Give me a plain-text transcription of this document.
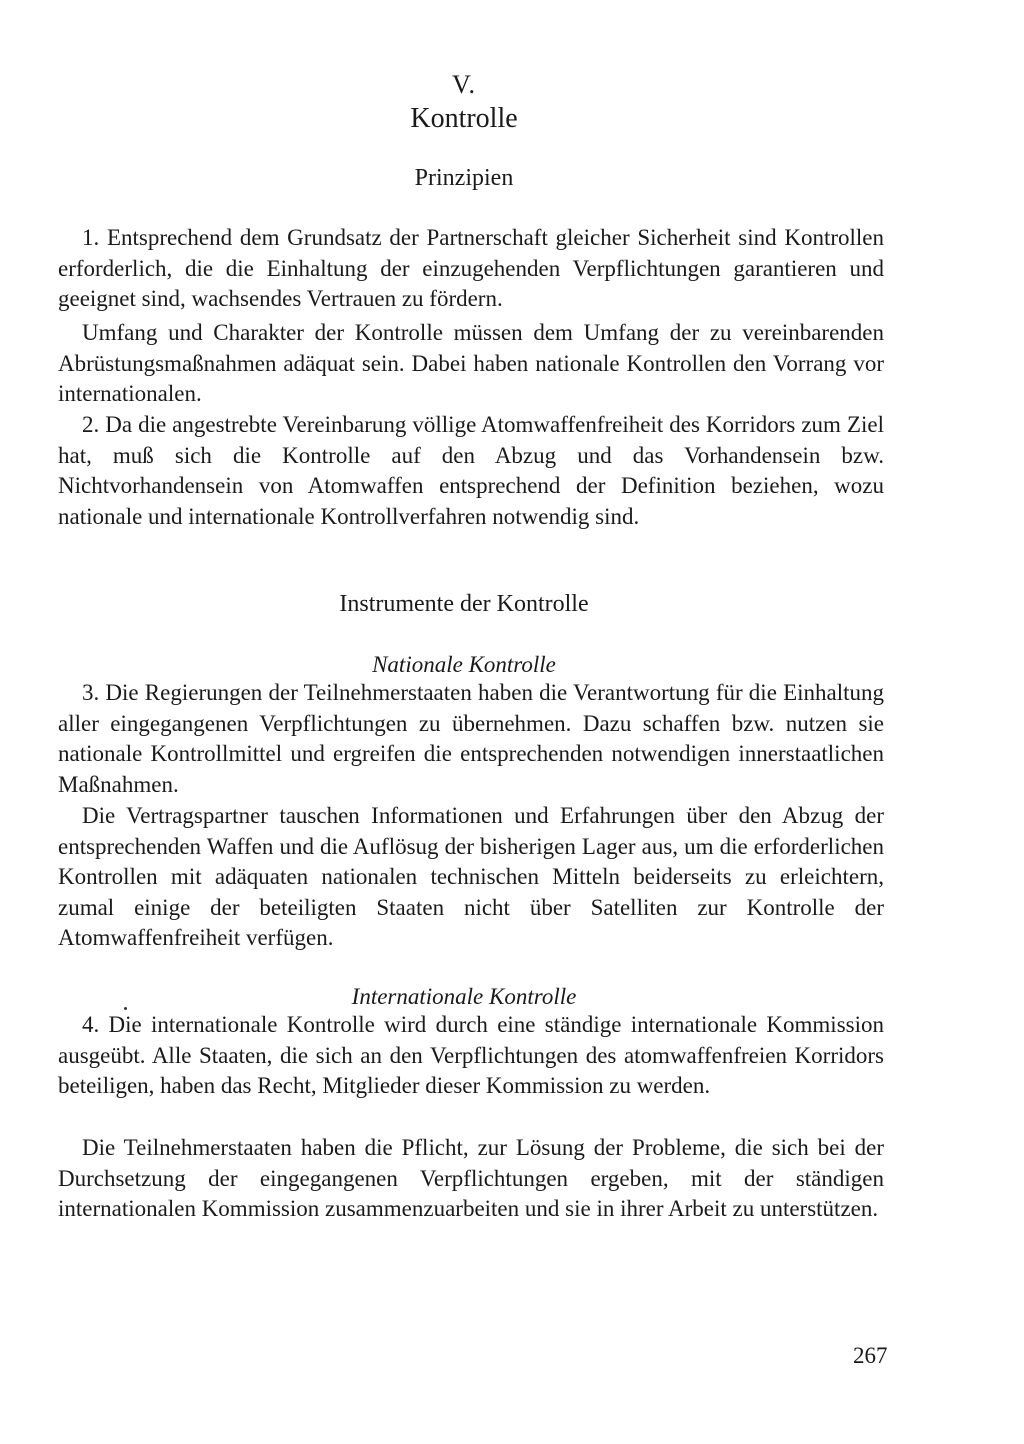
V.
Kontrolle
Prinzipien

1. Entsprechend dem Grundsatz der Partnerschaft gleicher Sicherheit sind Kontrollen erforderlich, die die Einhaltung der einzugehenden Verpflichtungen garantieren und geeignet sind, wachsendes Vertrauen zu fördern.

Umfang und Charakter der Kontrolle müssen dem Umfang der zu vereinbarenden Abrüstungsmaßnahmen adäquat sein. Dabei haben nationale Kontrollen den Vorrang vor internationalen.

2. Da die angestrebte Vereinbarung völlige Atomwaffenfreiheit des Korridors zum Ziel hat, muß sich die Kontrolle auf den Abzug und das Vorhandensein bzw. Nichtvorhandensein von Atomwaffen entsprechend der Definition beziehen, wozu nationale und internationale Kontrollverfahren notwendig sind.

Instrumente der Kontrolle
Nationale Kontrolle

3. Die Regierungen der Teilnehmerstaaten haben die Verantwortung für die Einhaltung aller eingegangenen Verpflichtungen zu übernehmen. Dazu schaffen bzw. nutzen sie nationale Kontrollmittel und ergreifen die entsprechenden notwendigen innerstaatlichen Maßnahmen.

Die Vertragspartner tauschen Informationen und Erfahrungen über den Abzug der entsprechenden Waffen und die Auflösug der bisherigen Lager aus, um die erforderlichen Kontrollen mit adäquaten nationalen technischen Mitteln beiderseits zu erleichtern, zumal einige der beteiligten Staaten nicht über Satelliten zur Kontrolle der Atomwaffenfreiheit verfügen.

Internationale Kontrolle

4. Die internationale Kontrolle wird durch eine ständige internationale Kommission ausgeübt. Alle Staaten, die sich an den Verpflichtungen des atomwaffenfreien Korridors beteiligen, haben das Recht, Mitglieder dieser Kommission zu werden.

Die Teilnehmerstaaten haben die Pflicht, zur Lösung der Probleme, die sich bei der Durchsetzung der eingegangenen Verpflichtungen ergeben, mit der ständigen internationalen Kommission zusammenzuarbeiten und sie in ihrer Arbeit zu unterstützen.

267
